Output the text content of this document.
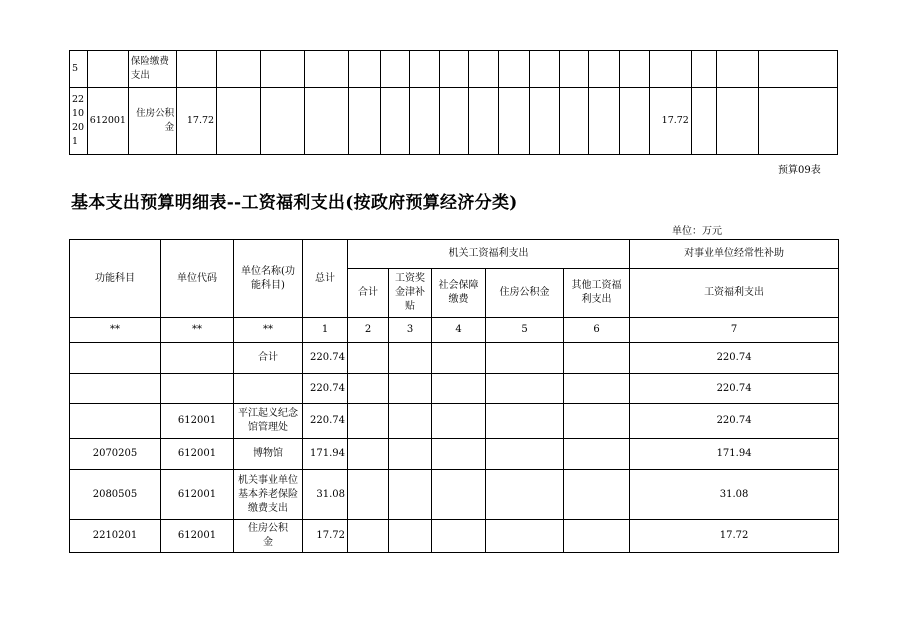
5		保险缴费支出																		
2210201	612001	住房公积金	17.72														17.72			
预算09表
基本支出预算明细表--工资福利支出(按政府预算经济分类)
单位：万元
功能科目	单位代码	单位名称(功能科目)	总计	机关工资福利支出					对事业单位经常性补助
				合计	工资奖金津补贴	社会保障缴费	住房公积金	其他工资福利支出	工资福利支出
**	**	**	1	2	3	4	5	6	7
		合计	220.74						220.74
			220.74						220.74
	612001	平江起义纪念馆管理处	220.74						220.74
2070205	612001	博物馆	171.94						171.94
2080505	612001	机关事业单位基本养老保险缴费支出	31.08						31.08
2210201	612001	住房公积金	17.72						17.72
